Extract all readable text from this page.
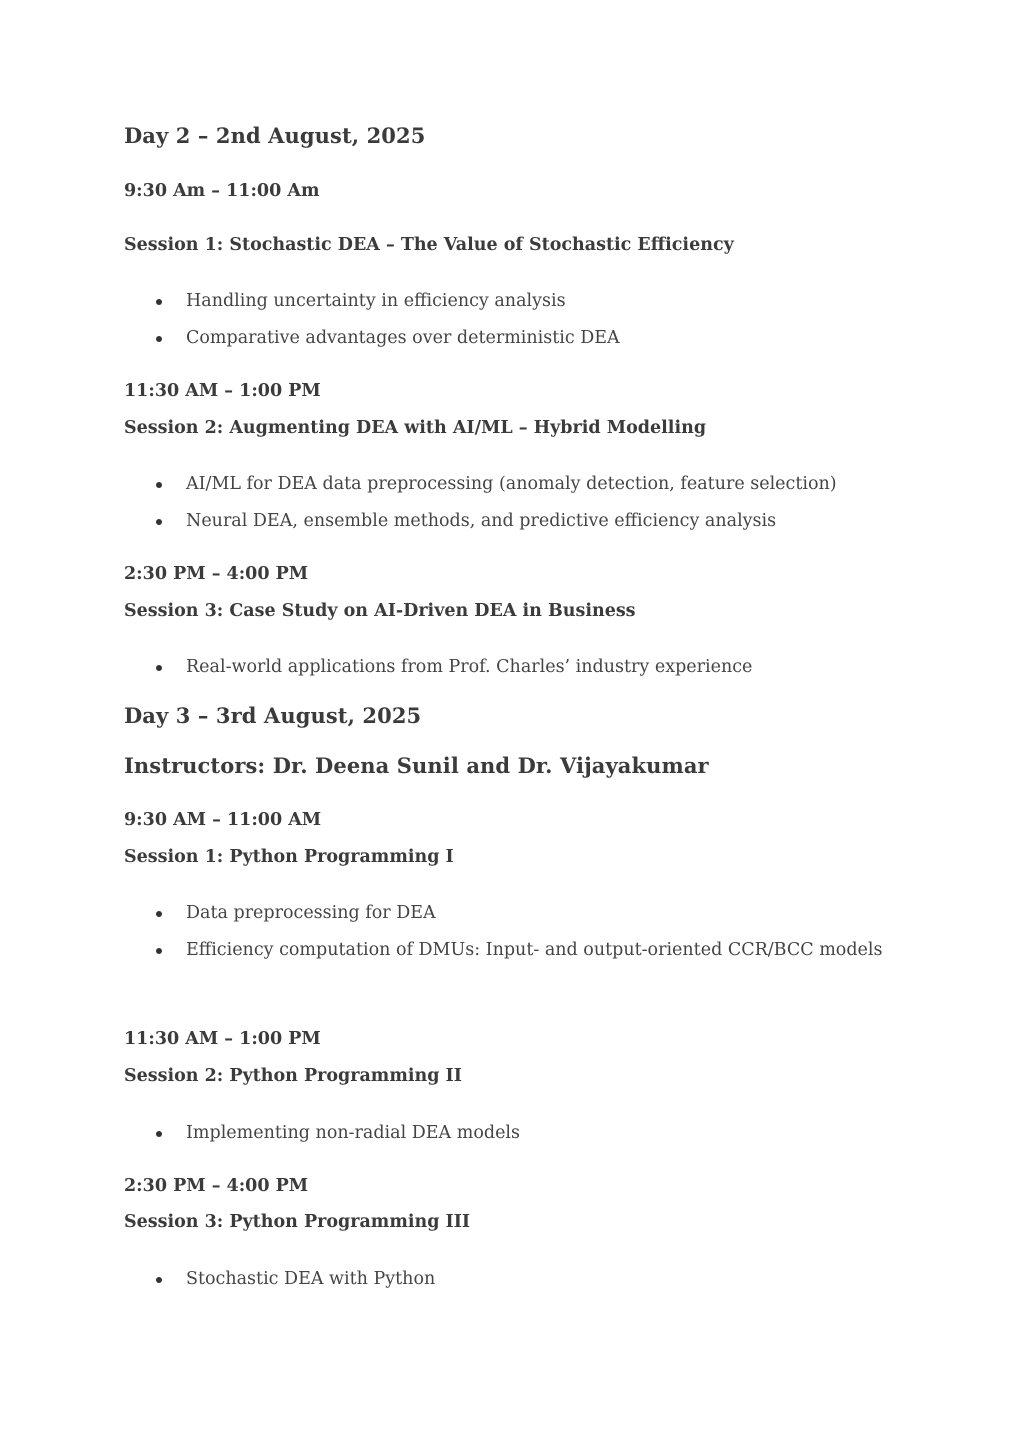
Day 2 – 2nd August, 2025
9:30 Am – 11:00 Am
Session 1: Stochastic DEA – The Value of Stochastic Efficiency
Handling uncertainty in efficiency analysis
Comparative advantages over deterministic DEA
11:30 AM – 1:00 PM
Session 2: Augmenting DEA with AI/ML – Hybrid Modelling
AI/ML for DEA data preprocessing (anomaly detection, feature selection)
Neural DEA, ensemble methods, and predictive efficiency analysis
2:30 PM – 4:00 PM
Session 3: Case Study on AI-Driven DEA in Business
Real-world applications from Prof. Charles’ industry experience
Day 3 – 3rd August, 2025
Instructors: Dr. Deena Sunil and Dr. Vijayakumar
9:30 AM – 11:00 AM
Session 1: Python Programming I
Data preprocessing for DEA
Efficiency computation of DMUs: Input- and output-oriented CCR/BCC models
11:30 AM – 1:00 PM
Session 2: Python Programming II
Implementing non-radial DEA models
2:30 PM – 4:00 PM
Session 3: Python Programming III
Stochastic DEA with Python
